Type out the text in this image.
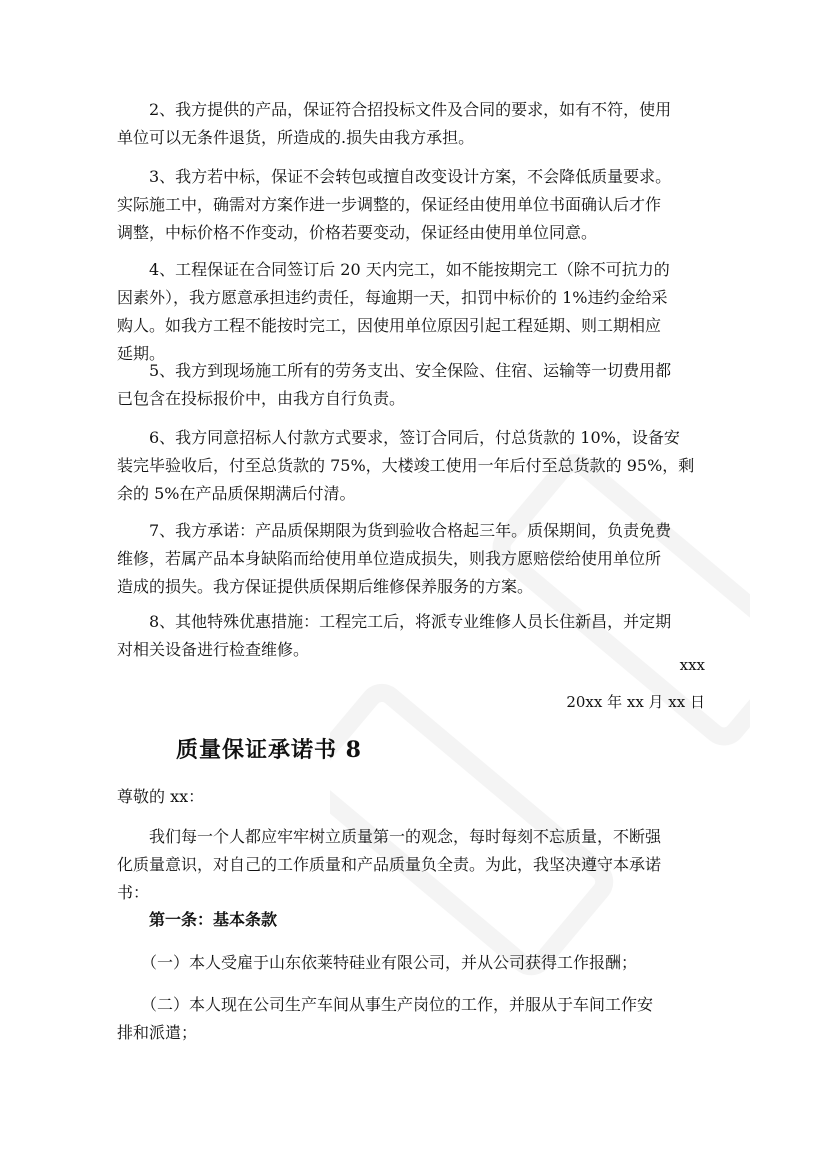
　　2、我方提供的产品，保证符合招投标文件及合同的要求，如有不符，使用
单位可以无条件退货，所造成的.损失由我方承担。

　　3、我方若中标，保证不会转包或擅自改变设计方案，不会降低质量要求。
实际施工中，确需对方案作进一步调整的，保证经由使用单位书面确认后才作
调整，中标价格不作变动，价格若要变动，保证经由使用单位同意。

　　4、工程保证在合同签订后 20 天内完工，如不能按期完工（除不可抗力的
因素外），我方愿意承担违约责任，每逾期一天，扣罚中标价的 1%违约金给采
购人。如我方工程不能按时完工，因使用单位原因引起工程延期、则工期相应
延期。

　　5、我方到现场施工所有的劳务支出、安全保险、住宿、运输等一切费用都
已包含在投标报价中，由我方自行负责。

　　6、我方同意招标人付款方式要求，签订合同后，付总货款的 10%，设备安
装完毕验收后，付至总货款的 75%，大楼竣工使用一年后付至总货款的 95%，剩
余的 5%在产品质保期满后付清。

　　7、我方承诺：产品质保期限为货到验收合格起三年。质保期间，负责免费
维修，若属产品本身缺陷而给使用单位造成损失，则我方愿赔偿给使用单位所
造成的损失。我方保证提供质保期后维修保养服务的方案。

　　8、其他特殊优惠措施：工程完工后，将派专业维修人员长住新昌，并定期
对相关设备进行检查维修。

xxx

20xx 年 xx 月 xx 日

质量保证承诺书 8

尊敬的 xx：

　　我们每一个人都应牢牢树立质量第一的观念，每时每刻不忘质量，不断强
化质量意识，对自己的工作质量和产品质量负全责。为此，我坚决遵守本承诺
书：

　　第一条：基本条款

　　（一）本人受雇于山东依莱特硅业有限公司，并从公司获得工作报酬；

　　（二）本人现在公司生产车间从事生产岗位的工作，并服从于车间工作安
排和派遣；
